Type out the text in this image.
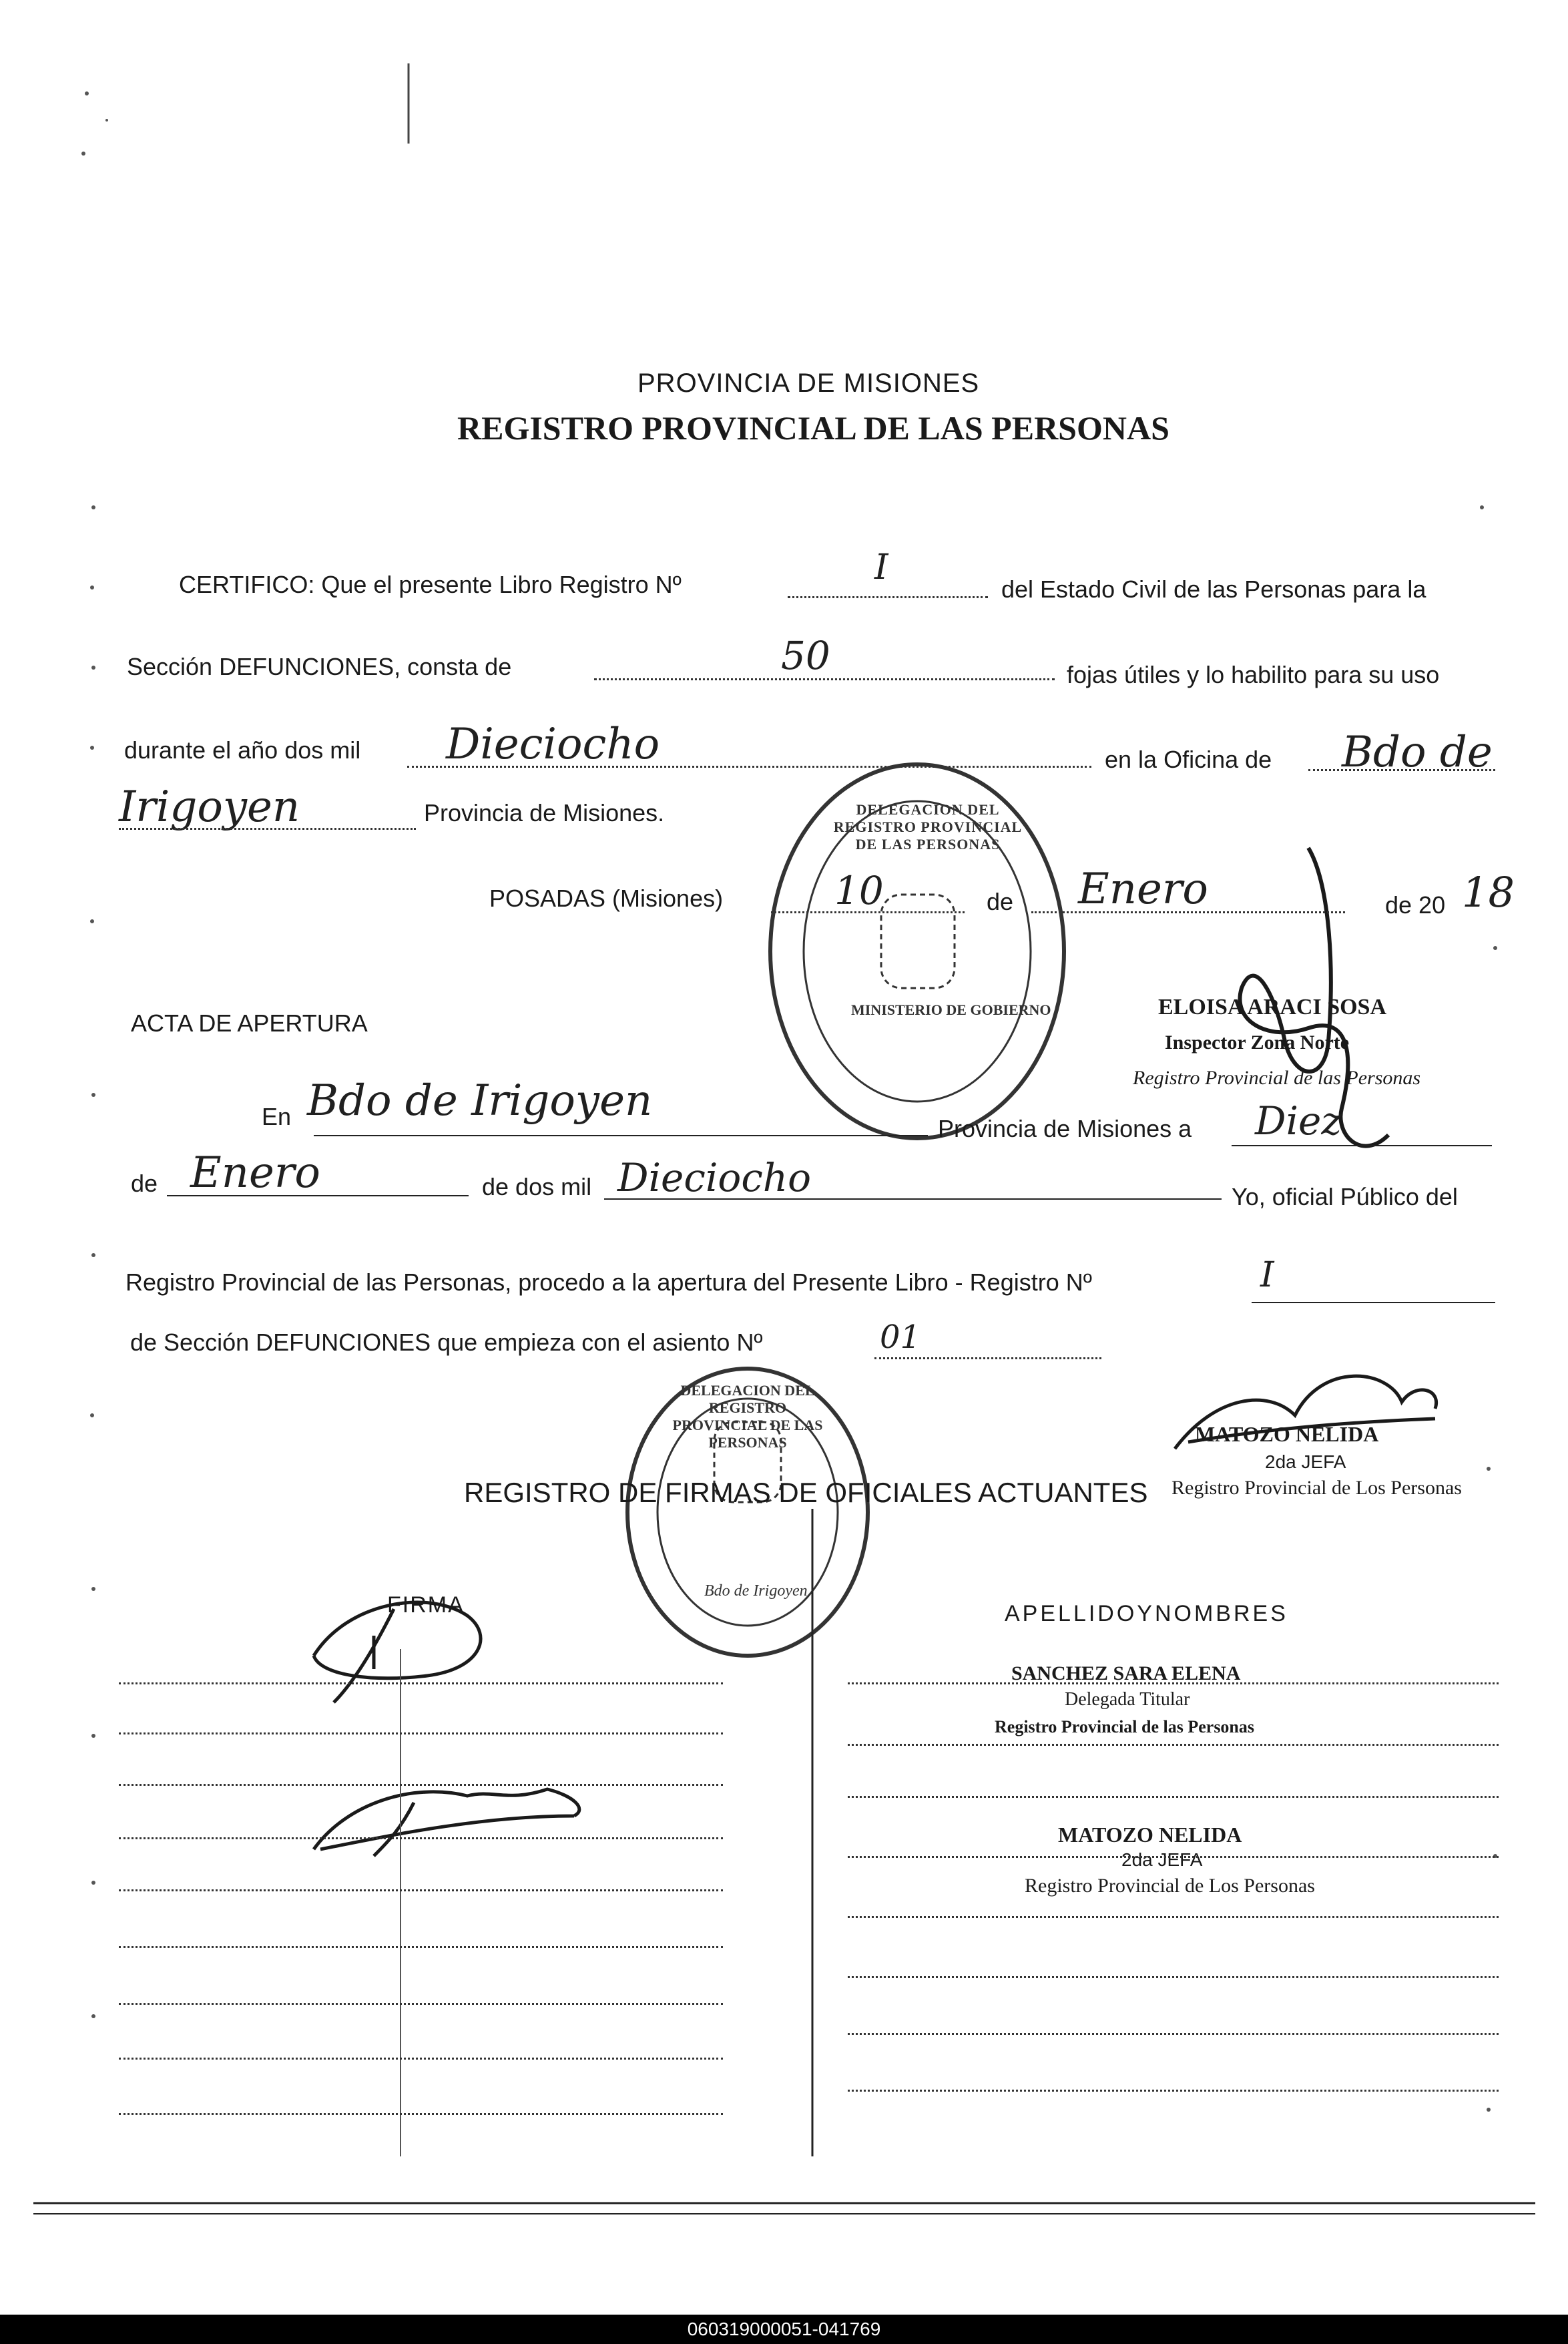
PROVINCIA DE MISIONES
REGISTRO PROVINCIAL DE LAS PERSONAS
CERTIFICO: Que el presente Libro Registro Nº	I
del Estado Civil de las Personas para la
Sección DEFUNCIONES, consta de	50	fojas útiles y lo habilito para su uso
durante el año dos mil Dieciocho	en la Oficina de Bdo de
Irigoyen	Provincia de Misiones.
POSADAS (Misiones)	10	de Enero	de 20 18
ELOISA ARACI SOSA
Inspector Zona Norte
Registro Provincial de las Personas
DELEGACION DEL REGISTRO PROVINCIAL DE LAS PERSONAS
MINISTERIO DE GOBIERNO
ACTA DE APERTURA
En Bdo de Irigoyen
Provincia de Misiones a Diez
de Enero	de dos mil Dieciocho	Yo, oficial Público del
Registro Provincial de las Personas, procedo a la apertura del Presente Libro - Registro Nº	I
de Sección DEFUNCIONES que empieza con el asiento Nº	01
MATOZO NELIDA
2da JEFA
Registro Provincial de Los Personas
DELEGACION DEL REGISTRO PROVINCIAL DE LAS PERSONAS
Bdo de Irigoyen
REGISTRO DE FIRMAS DE OFICIALES ACTUANTES
FIRMA	APELLIDOYNOMBRES
SANCHEZ SARA ELENA
Delegada Titular
Registro Provincial de las Personas
MATOZO NELIDA
2da JEFA
Registro Provincial de Los Personas
060319000051-041769
